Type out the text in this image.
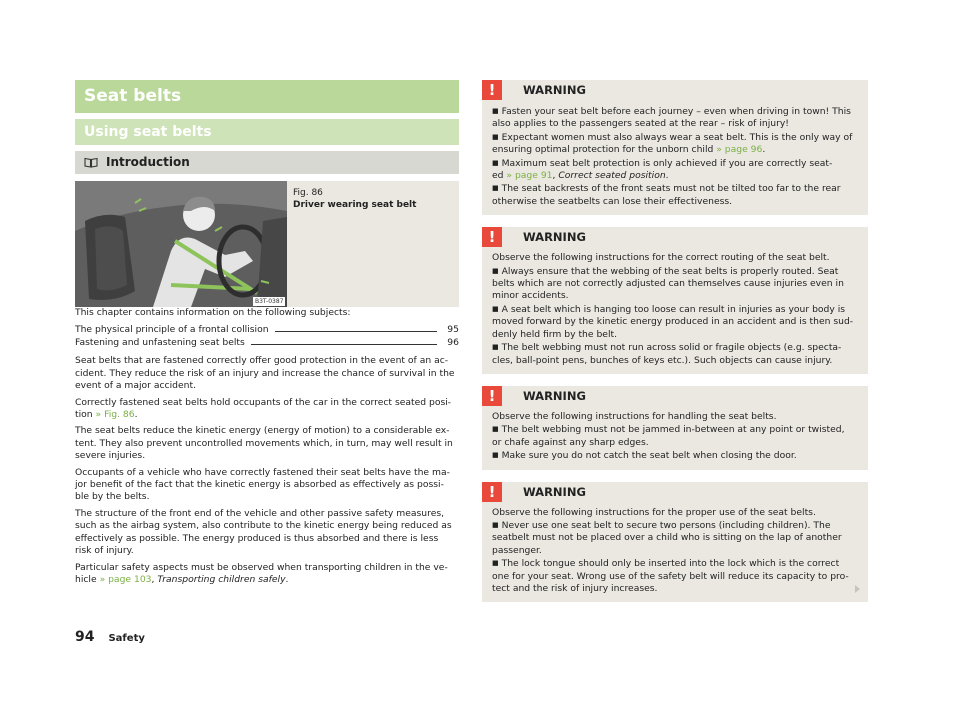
Seat belts
Using seat belts
Introduction
B3T-0387
Fig. 86
Driver wearing seat belt

This chapter contains information on the following subjects:

The physical principle of a frontal collision	95
Fastening and unfastening seat belts	96

Seat belts that are fastened correctly offer good protection in the event of an ac-
cident. They reduce the risk of an injury and increase the chance of survival in the
event of a major accident.

Correctly fastened seat belts hold occupants of the car in the correct seated posi-
tion » Fig. 86.

The seat belts reduce the kinetic energy (energy of motion) to a considerable ex-
tent. They also prevent uncontrolled movements which, in turn, may well result in
severe injuries.

Occupants of a vehicle who have correctly fastened their seat belts have the ma-
jor benefit of the fact that the kinetic energy is absorbed as effectively as possi-
ble by the belts.

The structure of the front end of the vehicle and other passive safety measures,
such as the airbag system, also contribute to the kinetic energy being reduced as
effectively as possible. The energy produced is thus absorbed and there is less
risk of injury.

Particular safety aspects must be observed when transporting children in the ve-
hicle » page 103, Transporting children safely.

!	WARNING

■ Fasten your seat belt before each journey – even when driving in town! This

also applies to the passengers seated at the rear – risk of injury!

■ Expectant women must also always wear a seat belt. This is the only way of

ensuring optimal protection for the unborn child » page 96.

■ Maximum seat belt protection is only achieved if you are correctly seat-

ed » page 91, Correct seated position.

■ The seat backrests of the front seats must not be tilted too far to the rear

otherwise the seatbelts can lose their effectiveness.

!	WARNING

Observe the following instructions for the correct routing of the seat belt.

■ Always ensure that the webbing of the seat belts is properly routed. Seat

belts which are not correctly adjusted can themselves cause injuries even in

minor accidents.

■ A seat belt which is hanging too loose can result in injuries as your body is

moved forward by the kinetic energy produced in an accident and is then sud-

denly held firm by the belt.

■ The belt webbing must not run across solid or fragile objects (e.g. specta-

cles, ball-point pens, bunches of keys etc.). Such objects can cause injury.

!	WARNING

Observe the following instructions for handling the seat belts.

■ The belt webbing must not be jammed in-between at any point or twisted,

or chafe against any sharp edges.

■ Make sure you do not catch the seat belt when closing the door.

!	WARNING

Observe the following instructions for the proper use of the seat belts.

■ Never use one seat belt to secure two persons (including children). The

seatbelt must not be placed over a child who is sitting on the lap of another

passenger.

■ The lock tongue should only be inserted into the lock which is the correct

one for your seat. Wrong use of the safety belt will reduce its capacity to pro-

tect and the risk of injury increases.

94 Safety
